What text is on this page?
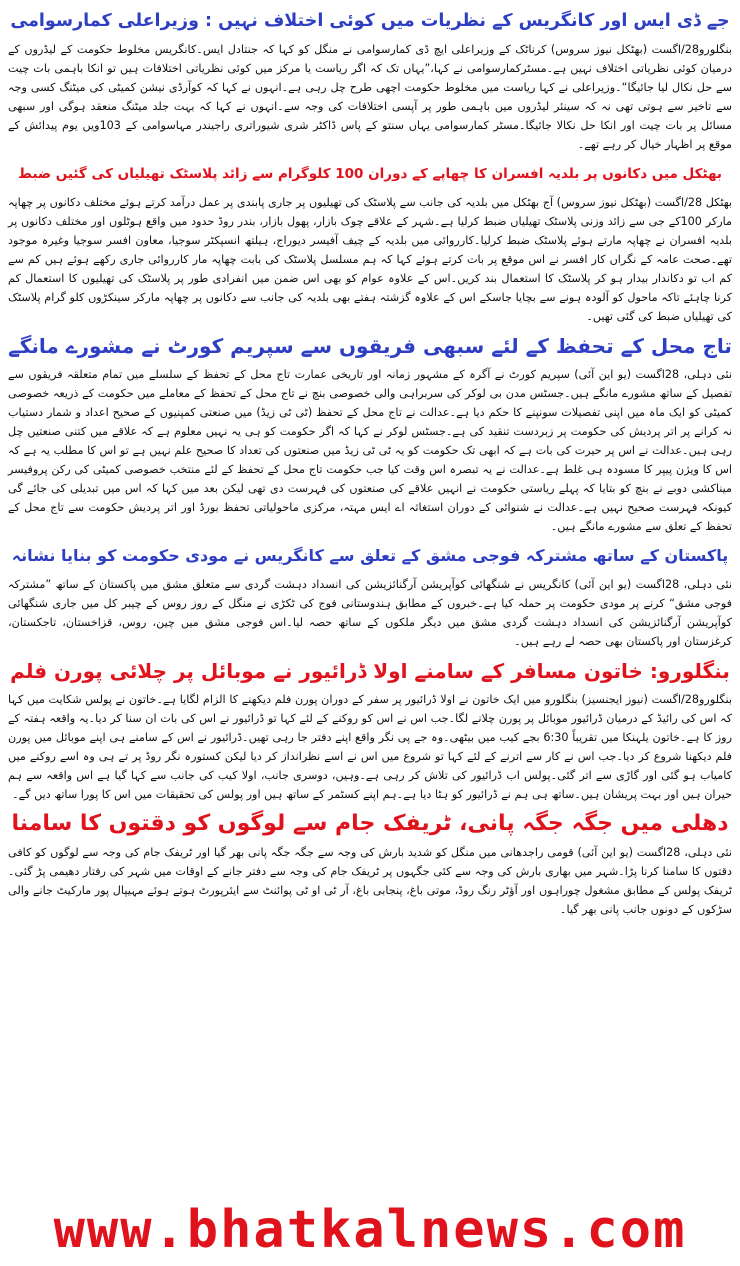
جے ڈی ایس اور کانگریس کے نظریات میں کوئی اختلاف نہیں : وزیراعلی کمارسوامی

بنگلورو28/اگست (بھٹکل نیوز سروس) کرناٹک کے وزیراعلی ایچ ڈی کمارسوامی نے منگل کو کہا کہ جنتادل ایس۔کانگریس مخلوط حکومت کے لیڈروں کے درمیان کوئی نظریاتی اختلاف نہیں ہے۔مسٹرکمارسوامی نے کہا،”یہاں تک کہ اگر ریاست یا مرکز میں کوئی نظریاتی اختلافات ہیں تو انکا باہمی بات چیت سے حل نکال لیا جائیگا“۔وزیراعلی نے کہا ریاست میں مخلوط حکومت اچھی طرح چل رہی ہے۔انہوں نے کہا کہ کوآرڈی نیشن کمیٹی کی میٹنگ کسی وجہ سے تاخیر سے ہوتی تھی نہ کہ سینئر لیڈروں میں باہمی طور پر آپسی اختلافات کی وجہ سے۔انہوں نے کہا کہ بہت جلد میٹنگ منعقد ہوگی اور سبھی مسائل پر بات چیت اور انکا حل نکالا جائیگا۔مسٹر کمارسوامی یہاں سنتو کے پاس ڈاکٹر شری شیوراتری راجیندر مہاسوامی کے 103ویں یوم پیدائش کے موقع پر اظہار خیال کر رہے تھے۔

بھٹکل میں دکانوں پر بلدیہ افسران کا چھاپے کے دوران 100 کلوگرام سے زائد پلاسٹک تھیلیاں کی گئیں ضبط

بھٹکل 28/اگست (بھٹکل نیوز سروس) آج بھٹکل میں بلدیہ کی جانب سے پلاسٹک کی تھیلیوں پر جاری پابندی پر عمل درآمد کرتے ہوئے مختلف دکانوں پر چھاپہ مارکر 100کے جی سے زائد وزنی پلاسٹک تھیلیاں ضبط کرلیا ہے۔شہر کے علاقے چوک بازار، پھول بازار، بندر روڈ حدود میں واقع ہوٹلوں اور مختلف دکانوں پر بلدیہ افسران نے چھاپہ مارتے ہوئے پلاسٹک ضبط کرلیا۔کارروائی میں بلدیہ کے چیف آفیسر دیوراج، ہیلتھ انسپکٹر سوجیا، معاون افسر سوجیا وغیرہ موجود تھے۔صحت عامہ کے نگراں کار افسر نے اس موقع پر بات کرتے ہوئے کہا کہ ہم مسلسل پلاسٹک کی بابت چھاپہ مار کارروائی جاری رکھے ہوئے ہیں کم سے کم اب تو دکاندار بیدار ہو کر پلاسٹک کا استعمال بند کریں۔اس کے علاوہ عوام کو بھی اس ضمن میں انفرادی طور پر پلاسٹک کی تھیلیوں کا استعمال کم کرنا چاہئے تاکہ ماحول کو آلودہ ہونے سے بچایا جاسکے اس کے علاوہ گزشتہ ہفتے بھی بلدیہ کی جانب سے دکانوں پر چھاپہ مارکر سینکڑوں کلو گرام پلاسٹک کی تھیلیاں ضبط کی گئی تھیں۔

تاج محل کے تحفظ کے لئے سبھی فریقوں سے سپریم کورٹ نے مشورے مانگے

نئی دہلی، 28اگست (یو این آئی) سپریم کورٹ نے آگرہ کے مشہور زمانہ اور تاریخی عمارت تاج محل کے تحفظ کے سلسلے میں تمام متعلقہ فریقوں سے تفصیل کے ساتھ مشورے مانگے ہیں۔جسٹس مدن بی لوکر کی سربراہی والی خصوصی بنچ نے تاج محل کے تحفظ کے معاملے میں حکومت کے ذریعہ خصوصی کمیٹی کو ایک ماہ میں اپنی تفصیلات سونپنے کا حکم دیا ہے۔عدالت نے تاج محل کے تحفظ (ٹی ٹی زیڈ) میں صنعتی کمپنیوں کے صحیح اعداد و شمار دستیاب نہ کرانے پر اتر پردیش کی حکومت پر زبردست تنقید کی ہے۔جسٹس لوکر نے کہا کہ اگر حکومت کو ہی یہ نہیں معلوم ہے کہ علاقے میں کتنی صنعتیں چل رہی ہیں۔عدالت نے اس پر حیرت کی بات ہے کہ ابھی تک حکومت کو یہ ٹی ٹی زیڈ میں صنعتوں کی تعداد کا صحیح علم نہیں ہے تو اس کا مطلب یہ ہے کہ اس کا ویژن پیپر کا مسودہ ہی غلط ہے۔عدالت نے یہ تبصرہ اس وقت کیا جب حکومت تاج محل کے تحفظ کے لئے منتخب خصوصی کمیٹی کی رکن پروفیسر میناکشی دوبے نے بنچ کو بتایا کہ پہلے ریاستی حکومت نے انہیں علاقے کی صنعتوں کی فہرست دی تھی لیکن بعد میں کہا کہ اس میں تبدیلی کی جائے گی کیونکہ فہرست صحیح نہیں ہے۔عدالت نے شنوائی کے دوران استغاثہ اے ایس مہتہ، مرکزی ماحولیاتی تحفظ بورڈ اور اتر پردیش حکومت سے تاج محل کے تحفظ کے تعلق سے مشورے مانگے ہیں۔

پاکستان کے ساتھ مشترکہ فوجی مشق کے تعلق سے کانگریس نے مودی حکومت کو بنایا نشانہ

نئی دہلی، 28اگست (یو این آئی) کانگریس نے شنگھائی کوآپریشن آرگنائزیشن کی انسداد دہشت گردی سے متعلق مشق میں پاکستان کے ساتھ ”مشترکہ فوجی مشق“ کرنے پر مودی حکومت پر حملہ کیا ہے۔خبروں کے مطابق ہندوستانی فوج کی ٹکڑی نے منگل کے روز روس کے چیبر کل میں جاری شنگھائی کوآپریشن آرگنائزیشن کی انسداد دہشت گردی مشق میں دیگر ملکوں کے ساتھ حصہ لیا۔اس فوجی مشق میں چین، روس، قزاخستان، تاجکستان، کرغزستان اور پاکستان بھی حصہ لے رہے ہیں۔

بنگلورو: خاتون مسافر کے سامنے اولا ڈرائیور نے موبائل پر چلائی پورن فلم

بنگلورو28/اگست (نیوز ایجنسیز) بنگلورو میں ایک خاتون نے اولا ڈرائیور پر سفر کے دوران پورن فلم دیکھنے کا الزام لگایا ہے۔خاتون نے پولس شکایت میں کہا کہ اس کی رائیڈ کے درمیان ڈرائیور موبائل پر پورن چلانے لگا۔جب اس نے اس کو روکنے کے لئے کہا تو ڈرائیور نے اس کی بات ان سنا کر دیا۔یہ واقعہ ہفتہ کے روز کا ہے۔خاتون یلہنکا میں تقریباً 6:30 بجے کیب میں بیٹھی۔وہ جے پی نگر واقع اپنے دفتر جا رہی تھیں۔ڈرائیور نے اس کے سامنے ہی اپنے موبائل میں پورن فلم دیکھنا شروع کر دیا۔جب اس نے کار سے اترنے کے لئے کہا تو شروع میں اس نے اسے نظرانداز کر دیا لیکن کستورہ نگر روڈ پر تے ہی وہ اسے روکنے میں کامیاب ہو گئی اور گاڑی سے اتر گئی۔پولس اب ڈرائیور کی تلاش کر رہی ہے۔وہیں، دوسری جانب، اولا کیب کی جانب سے کہا گیا ہے اس واقعہ سے ہم حیران ہیں اور بہت پریشان ہیں۔ساتھ ہی ہم نے ڈرائیور کو ہٹا دیا ہے۔ہم اپنے کسٹمر کے ساتھ ہیں اور پولس کی تحقیقات میں اس کا پورا ساتھ دیں گے۔

دھلی میں جگہ جگہ پانی، ٹریفک جام سے لوگوں کو دقتوں کا سامنا

نئی دہلی، 28اگست (یو این آئی) قومی راجدھانی میں منگل کو شدید بارش کی وجہ سے جگہ جگہ پانی بھر گیا اور ٹریفک جام کی وجہ سے لوگوں کو کافی دقتوں کا سامنا کرنا پڑا۔شہر میں بھاری بارش کی وجہ سے کئی جگہوں پر ٹریفک جام کی وجہ سے دفتر جانے کے اوقات میں شہر کی رفتار دھیمی پڑ گئی۔ٹریفک پولس کے مطابق مشغول چوراہوں اور آؤٹر رنگ روڈ، موتی باغ، پنجابی باغ، آر ٹی او ٹی پوائنٹ سے ایئرپورٹ ہوتے ہوئے مہیپال پور مارکیٹ جانے والی سڑکوں کے دونوں جانب پانی بھر گیا۔

www.bhatkalnews.com
